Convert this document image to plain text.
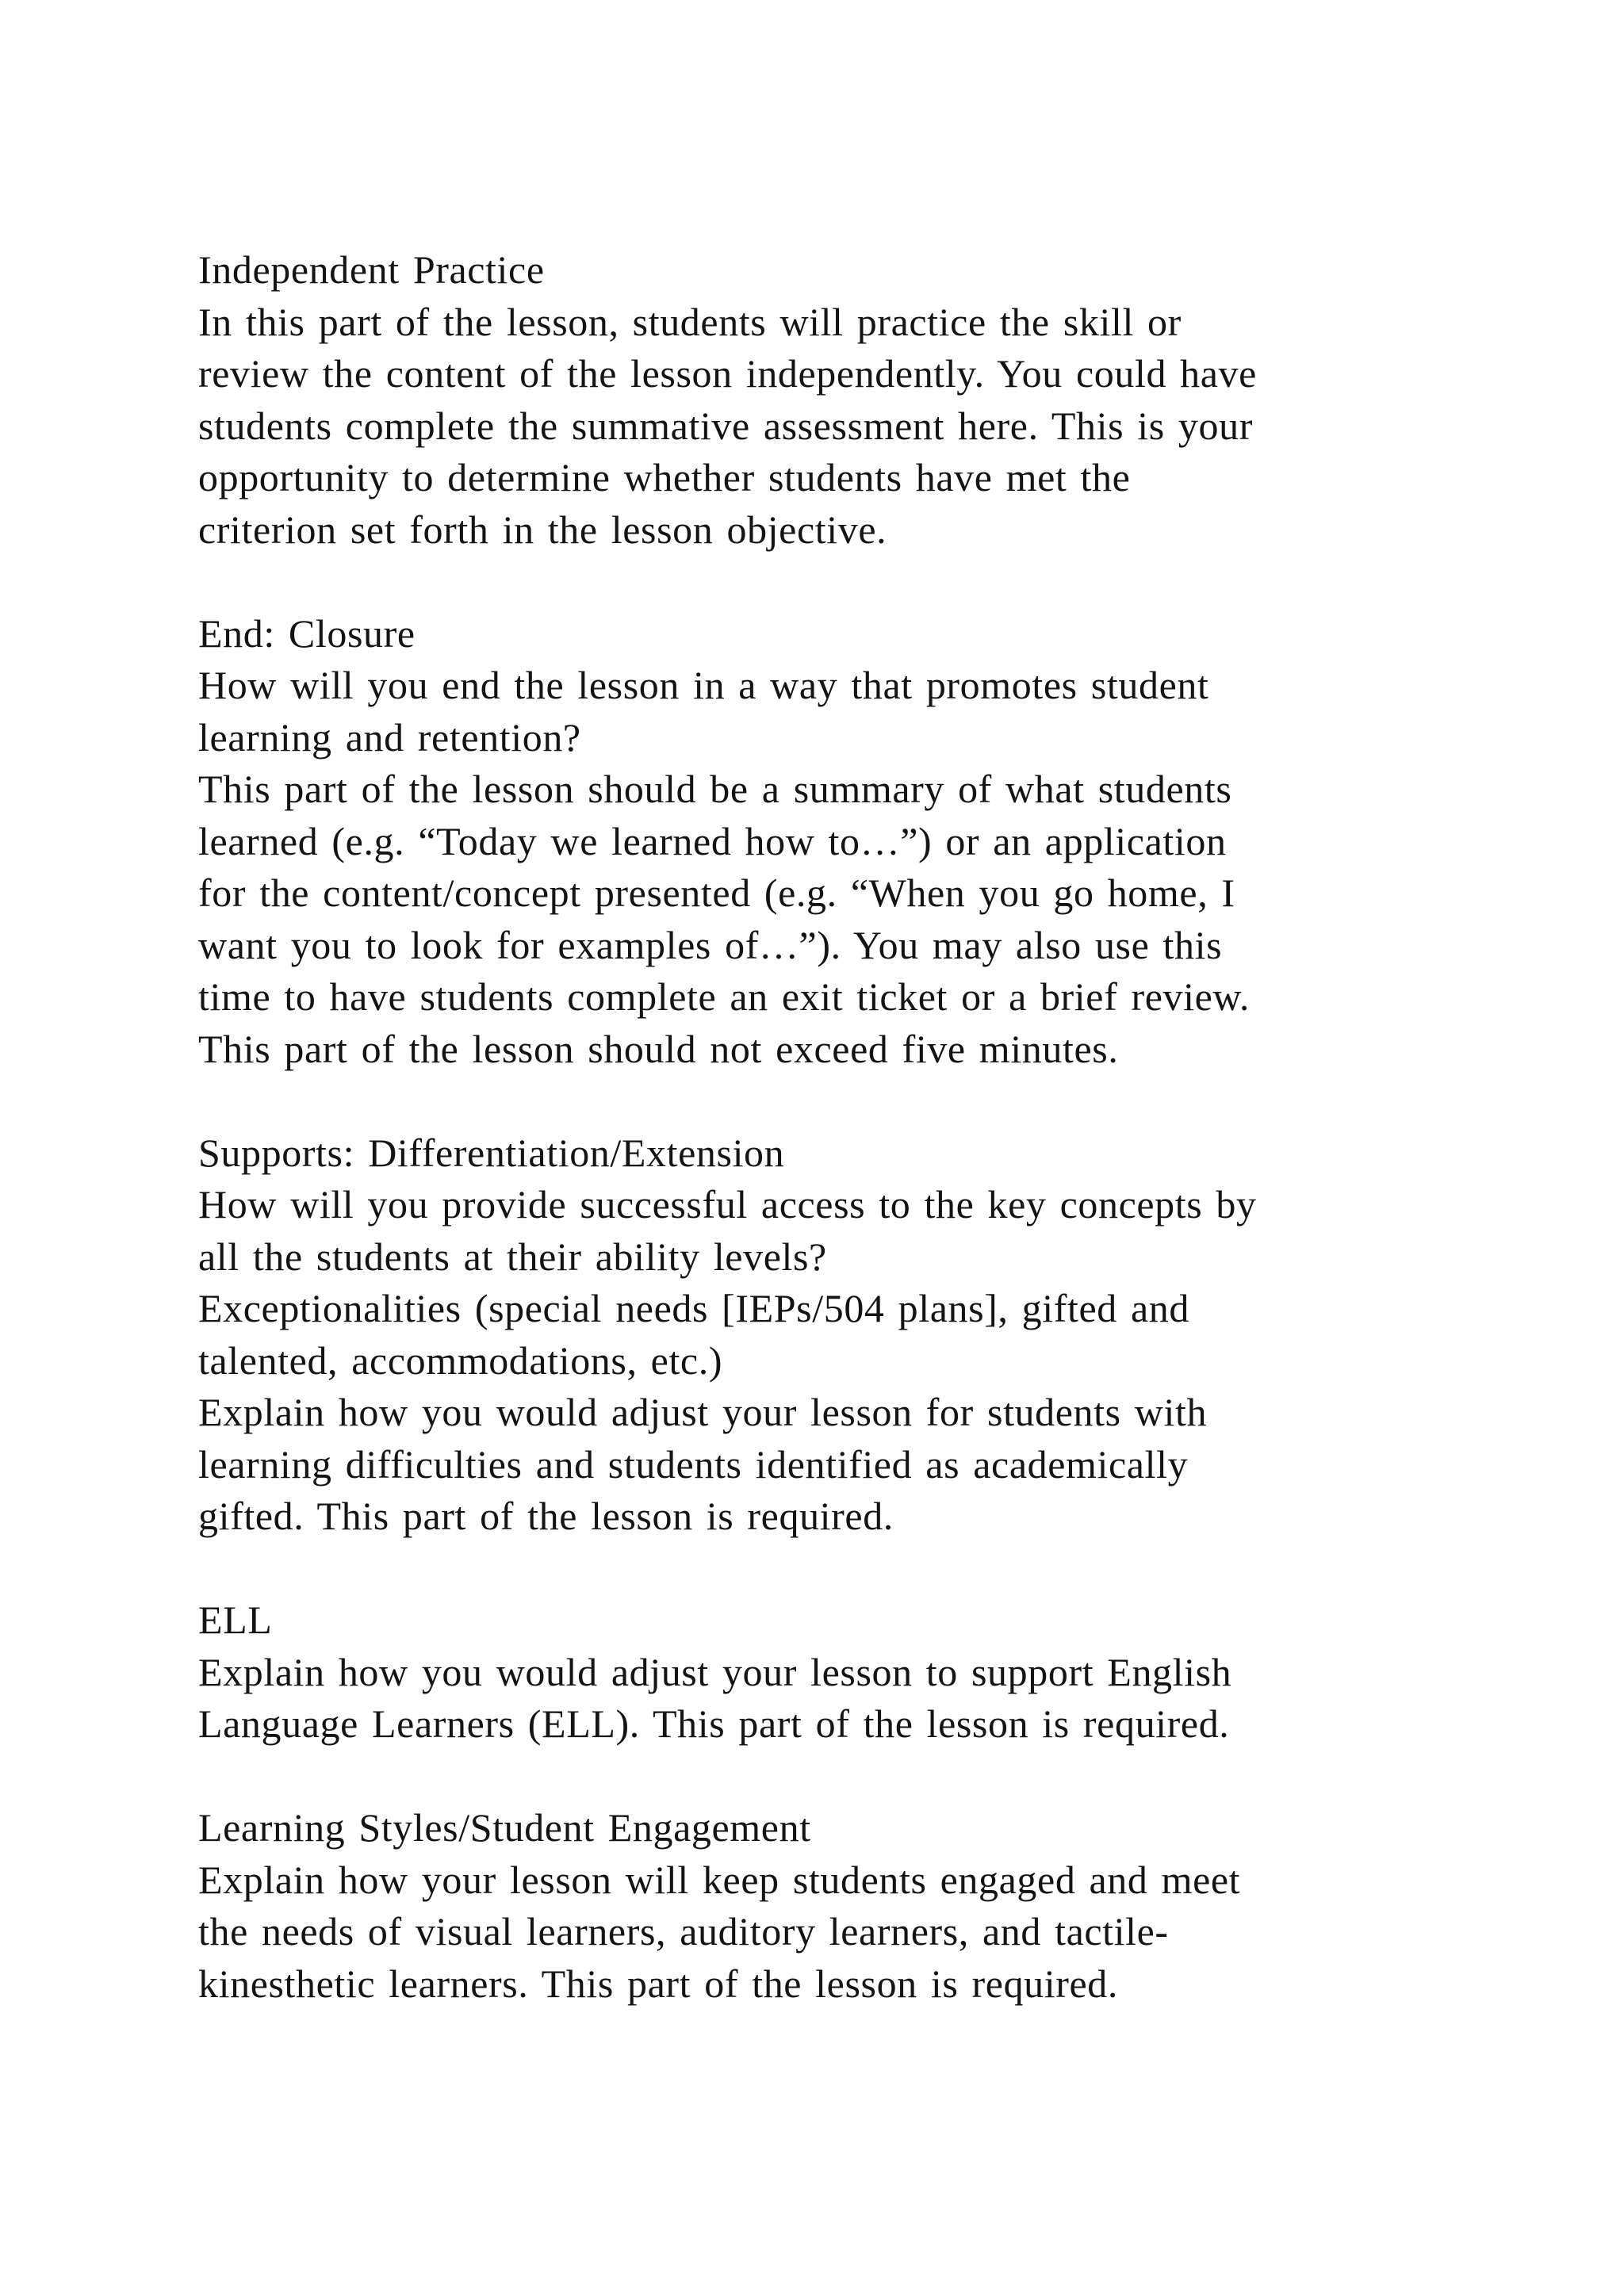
Independent Practice
In this part of the lesson, students will practice the skill or
review the content of the lesson independently. You could have
students complete the summative assessment here. This is your
opportunity to determine whether students have met the
criterion set forth in the lesson objective.
End: Closure
How will you end the lesson in a way that promotes student
learning and retention?
This part of the lesson should be a summary of what students
learned (e.g. “Today we learned how to…”) or an application
for the content/concept presented (e.g. “When you go home, I
want you to look for examples of…”). You may also use this
time to have students complete an exit ticket or a brief review.
This part of the lesson should not exceed five minutes.
Supports: Differentiation/Extension
How will you provide successful access to the key concepts by
all the students at their ability levels?
Exceptionalities (special needs [IEPs/504 plans], gifted and
talented, accommodations, etc.)
Explain how you would adjust your lesson for students with
learning difficulties and students identified as academically
gifted. This part of the lesson is required.
ELL
Explain how you would adjust your lesson to support English
Language Learners (ELL). This part of the lesson is required.
Learning Styles/Student Engagement
Explain how your lesson will keep students engaged and meet
the needs of visual learners, auditory learners, and tactile-
kinesthetic learners. This part of the lesson is required.
